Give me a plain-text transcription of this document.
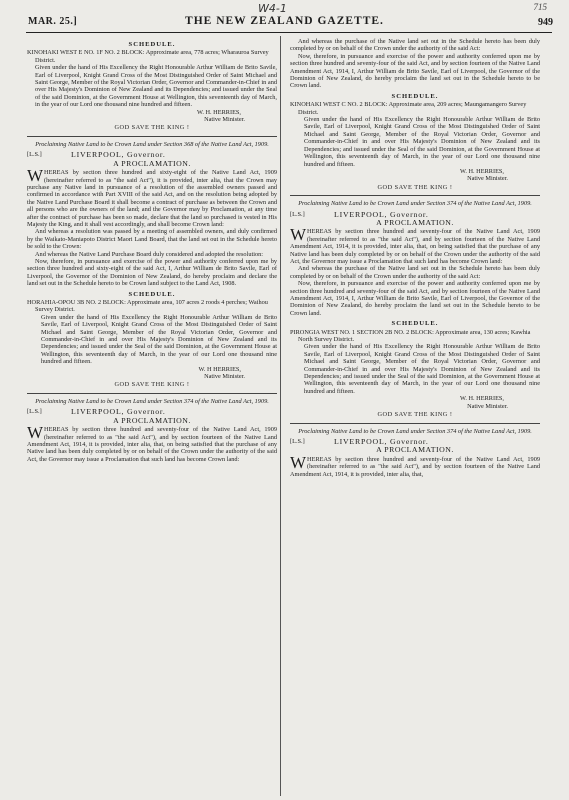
MAR. 25.]
W4-1
THE NEW ZEALAND GAZETTE.
715
949
SCHEDULE.

KINOHAKI WEST E NO. 1F NO. 2 BLOCK: Approximate area, 778 acres; Wharauroa Survey District.

Given under the hand of His Excellency the Right Honourable Arthur William de Brito Savile, Earl of Liverpool, Knight Grand Cross of the Most Distinguished Order of Saint Michael and Saint George, Member of the Royal Victorian Order, Governor and Commander-in-Chief in and over His Majesty's Dominion of New Zealand and its Dependencies; and issued under the Seal of the said Dominion, at the Government House at Wellington, this seventeenth day of March, in the year of our Lord one thousand nine hundred and fifteen.

W. H. HERRIES,

Native Minister.

GOD SAVE THE KING !

Proclaiming Native Land to be Crown Land under Section 368 of the Native Land Act, 1909.

[L.S.]	LIVERPOOL, Governor.

A PROCLAMATION.

WHEREAS by section three hundred and sixty-eight of the Native Land Act, 1909 (hereinafter referred to as "the said Act"), it is provided, inter alia, that the Crown may purchase any Native land in pursuance of a resolution of the assembled owners passed and confirmed in accordance with Part XVIII of the said Act, and on the resolution being adopted by the Native Land Purchase Board it shall become a contract of purchase as between the Crown and all persons who are the owners of the land; and the Governor may by Proclamation, at any time after the contract of purchase has been so made, declare that the land so purchased is vested in His Majesty the King, and it shall vest accordingly, and shall become Crown land:

And whereas a resolution was passed by a meeting of assembled owners, and duly confirmed by the Waikato-Maniapoto District Maori Land Board, that the land set out in the Schedule hereto be sold to the Crown:

And whereas the Native Land Purchase Board duly considered and adopted the resolution:

Now, therefore, in pursuance and exercise of the power and authority conferred upon me by section three hundred and sixty-eight of the said Act, I, Arthur William de Brito Savile, Earl of Liverpool, the Governor of the Dominion of New Zealand, do hereby proclaim and declare the land set out in the Schedule hereto to be Crown land subject to the Land Act, 1908.

SCHEDULE.

HORAHIA-OPOU 3B NO. 2 BLOCK: Approximate area, 107 acres 2 roods 4 perches; Waihou Survey District.

Given under the hand of His Excellency the Right Honourable Arthur William de Brito Savile, Earl of Liverpool, Knight Grand Cross of the Most Distinguished Order of Saint Michael and Saint George, Member of the Royal Victorian Order, Governor and Commander-in-Chief in and over His Majesty's Dominion of New Zealand and its Dependencies; and issued under the Seal of the said Dominion, at the Government House at Wellington, this seventeenth day of March, in the year of our Lord one thousand nine hundred and fifteen.

W. H HERRIES,

Native Minister.

GOD SAVE THE KING !

Proclaiming Native Land to be Crown Land under Section 374 of the Native Land Act, 1909.

[L.S.]	LIVERPOOL, Governor.

A PROCLAMATION.

WHEREAS by section three hundred and seventy-four of the Native Land Act, 1909 (hereinafter referred to as "the said Act"), and by section fourteen of the Native Land Amendment Act, 1914, it is provided, inter alia, that, on being satisfied that the purchase of any Native land has been duly completed by or on behalf of the Crown under the authority of the said Act, the Governor may issue a Proclamation that such land has become Crown land:

And whereas the purchase of the Native land set out in the Schedule hereto has been duly completed by or on behalf of the Crown under the authority of the said Act:

Now, therefore, in pursuance and exercise of the power and authority conferred upon me by section three hundred and seventy-four of the said Act, and by section fourteen of the Native Land Amendment Act, 1914, I, Arthur William de Brito Savile, Earl of Liverpool, the Governor of the Dominion of New Zealand, do hereby proclaim the land set out in the Schedule hereto to be Crown land.

SCHEDULE.

KINOHAKI WEST C NO. 2 BLOCK: Approximate area, 209 acres; Maungamangero Survey District.

Given under the hand of His Excellency the Right Honourable Arthur William de Brito Savile, Earl of Liverpool, Knight Grand Cross of the Most Distinguished Order of Saint Michael and Saint George, Member of the Royal Victorian Order, Governor and Commander-in-Chief in and over His Majesty's Dominion of New Zealand and its Dependencies; and issued under the Seal of the said Dominion, at the Government House at Wellington, this seventeenth day of March, in the year of our Lord one thousand nine hundred and fifteen.

W. H. HERRIES,

Native Minister.

GOD SAVE THE KING !

Proclaiming Native Land to be Crown Land under Section 374 of the Native Land Act, 1909.

[L.S.]	LIVERPOOL, Governor.

A PROCLAMATION.

WHEREAS by section three hundred and seventy-four of the Native Land Act, 1909 (hereinafter referred to as "the said Act"), and by section fourteen of the Native Land Amendment Act, 1914, it is provided, inter alia, that, on being satisfied that the purchase of any Native land has been duly completed by or on behalf of the Crown under the authority of the said Act, the Governor may issue a Proclamation that such land has become Crown land:

And whereas the purchase of the Native land set out in the Schedule hereto has been duly completed by or on behalf of the Crown under the authority of the said Act:

Now, therefore, in pursuance and exercise of the power and authority conferred upon me by section three hundred and seventy-four of the said Act, and by section fourteen of the Native Land Amendment Act, 1914, I, Arthur William de Brito Savile, Earl of Liverpool, the Governor of the Dominion of New Zealand, do hereby proclaim the land set out in the Schedule hereto to be Crown land.

SCHEDULE.

PIRONGIA WEST NO. 1 SECTION 2B NO. 2 BLOCK: Approximate area, 130 acres; Kawhia North Survey District.

Given under the hand of His Excellency the Right Honourable Arthur William de Brito Savile, Earl of Liverpool, Knight Grand Cross of the Most Distinguished Order of Saint Michael and Saint George, Member of the Royal Victorian Order, Governor and Commander-in-Chief in and over His Majesty's Dominion of New Zealand and its Dependencies; and issued under the Seal of the said Dominion, at the Government House at Wellington, this seventeenth day of March, in the year of our Lord one thousand nine hundred and fifteen.

W. H. HERRIES,

Native Minister.

GOD SAVE THE KING !

Proclaiming Native Land to be Crown Land under Section 374 of the Native Land Act, 1909.

[L.S.]	LIVERPOOL, Governor.

A PROCLAMATION.

WHEREAS by section three hundred and seventy-four of the Native Land Act, 1909 (hereinafter referred to as "the said Act"), and by section fourteen of the Native Land Amendment Act, 1914, it is provided, inter alia, that,
